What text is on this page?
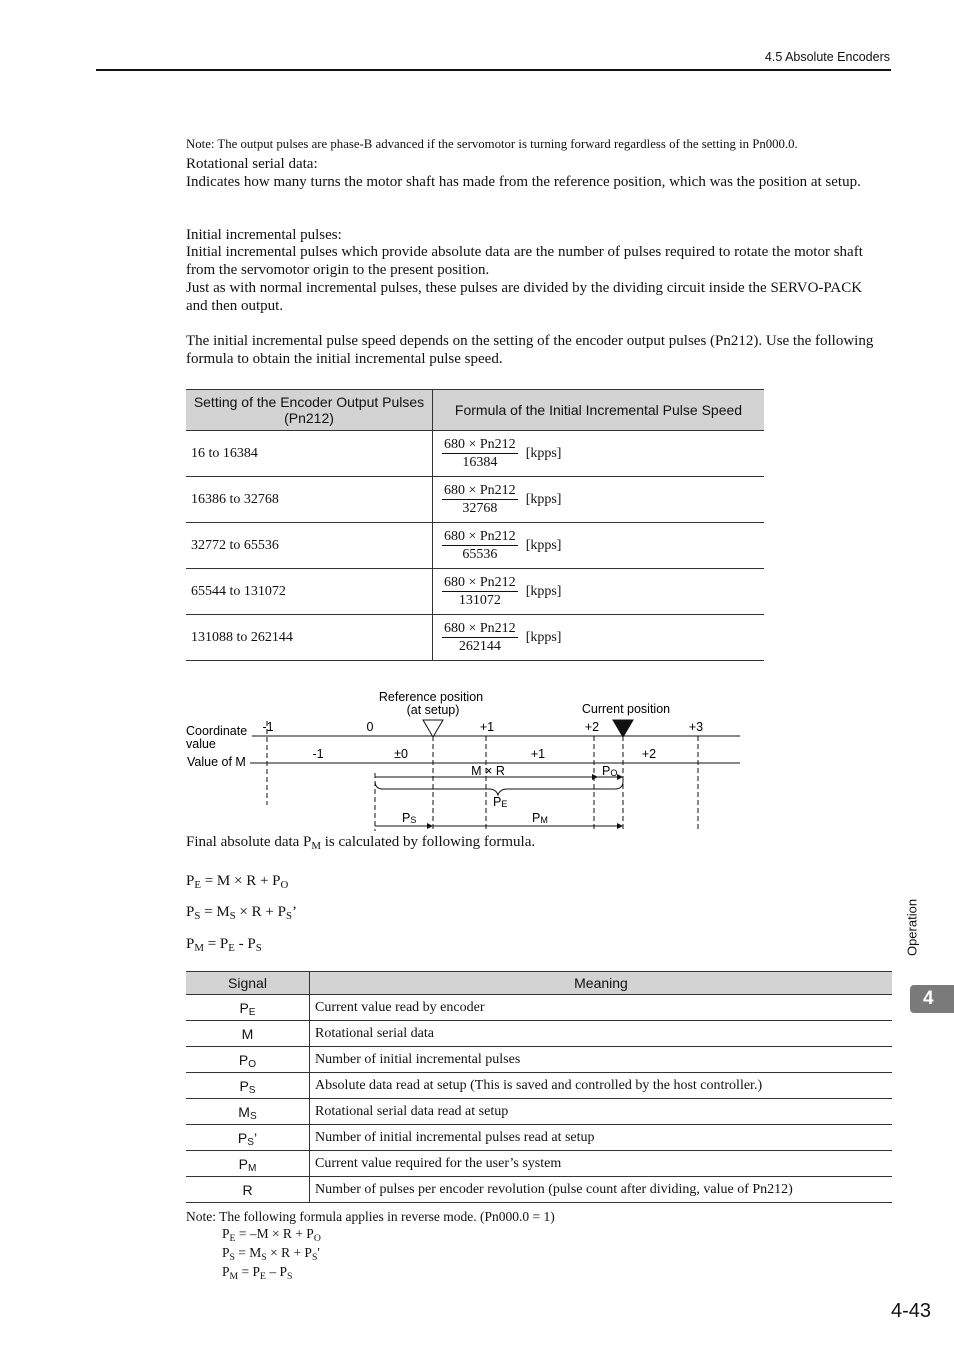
4.5 Absolute Encoders
Note: The output pulses are phase-B advanced if the servomotor is turning forward regardless of the setting in Pn000.0.
Rotational serial data:
Indicates how many turns the motor shaft has made from the reference position, which was the position at setup.
Initial incremental pulses:
Initial incremental pulses which provide absolute data are the number of pulses required to rotate the motor shaft from the servomotor origin to the present position.
Just as with normal incremental pulses, these pulses are divided by the dividing circuit inside the SERVO-PACK and then output.
The initial incremental pulse speed depends on the setting of the encoder output pulses (Pn212). Use the following formula to obtain the initial incremental pulse speed.
Setting of the Encoder Output Pulses (Pn212)	Formula of the Initial Incremental Pulse Speed
16 to 16384	$\frac{680 \times Pn212}{16384}$ [kpps]
16386 to 32768	$\frac{680 \times Pn212}{32768}$ [kpps]
32772 to 65536	$\frac{680 \times Pn212}{65536}$ [kpps]
65544 to 131072	$\frac{680 \times Pn212}{131072}$ [kpps]
131088 to 262144	$\frac{680 \times Pn212}{262144}$ [kpps]
Reference position
(at setup)	Current position
Coordinate
value
Value of M
-1	0	+1	+2	+3
-1	±0	+1	+2
M × R	PO
PE
PS	PM
Final absolute data $P_M$ is calculated by following formula.
$P_E = M \times R + P_O$
$P_S = M_S \times R + P_S$’
$P_M = P_E - P_S$
Signal	Meaning
$P_E$	Current value read by encoder
M	Rotational serial data
$P_O$	Number of initial incremental pulses
$P_S$	Absolute data read at setup (This is saved and controlled by the host controller.)
$M_S$	Rotational serial data read at setup
$P_S$’	Number of initial incremental pulses read at setup
$P_M$	Current value required for the user’s system
R	Number of pulses per encoder revolution (pulse count after dividing, value of Pn212)
Note: The following formula applies in reverse mode. (Pn000.0 = 1)
$P_E = -M \times R + P_O$
$P_S = M_S \times R + P_S'$
$P_M = P_E - P_S$
Operation
4
4-43
